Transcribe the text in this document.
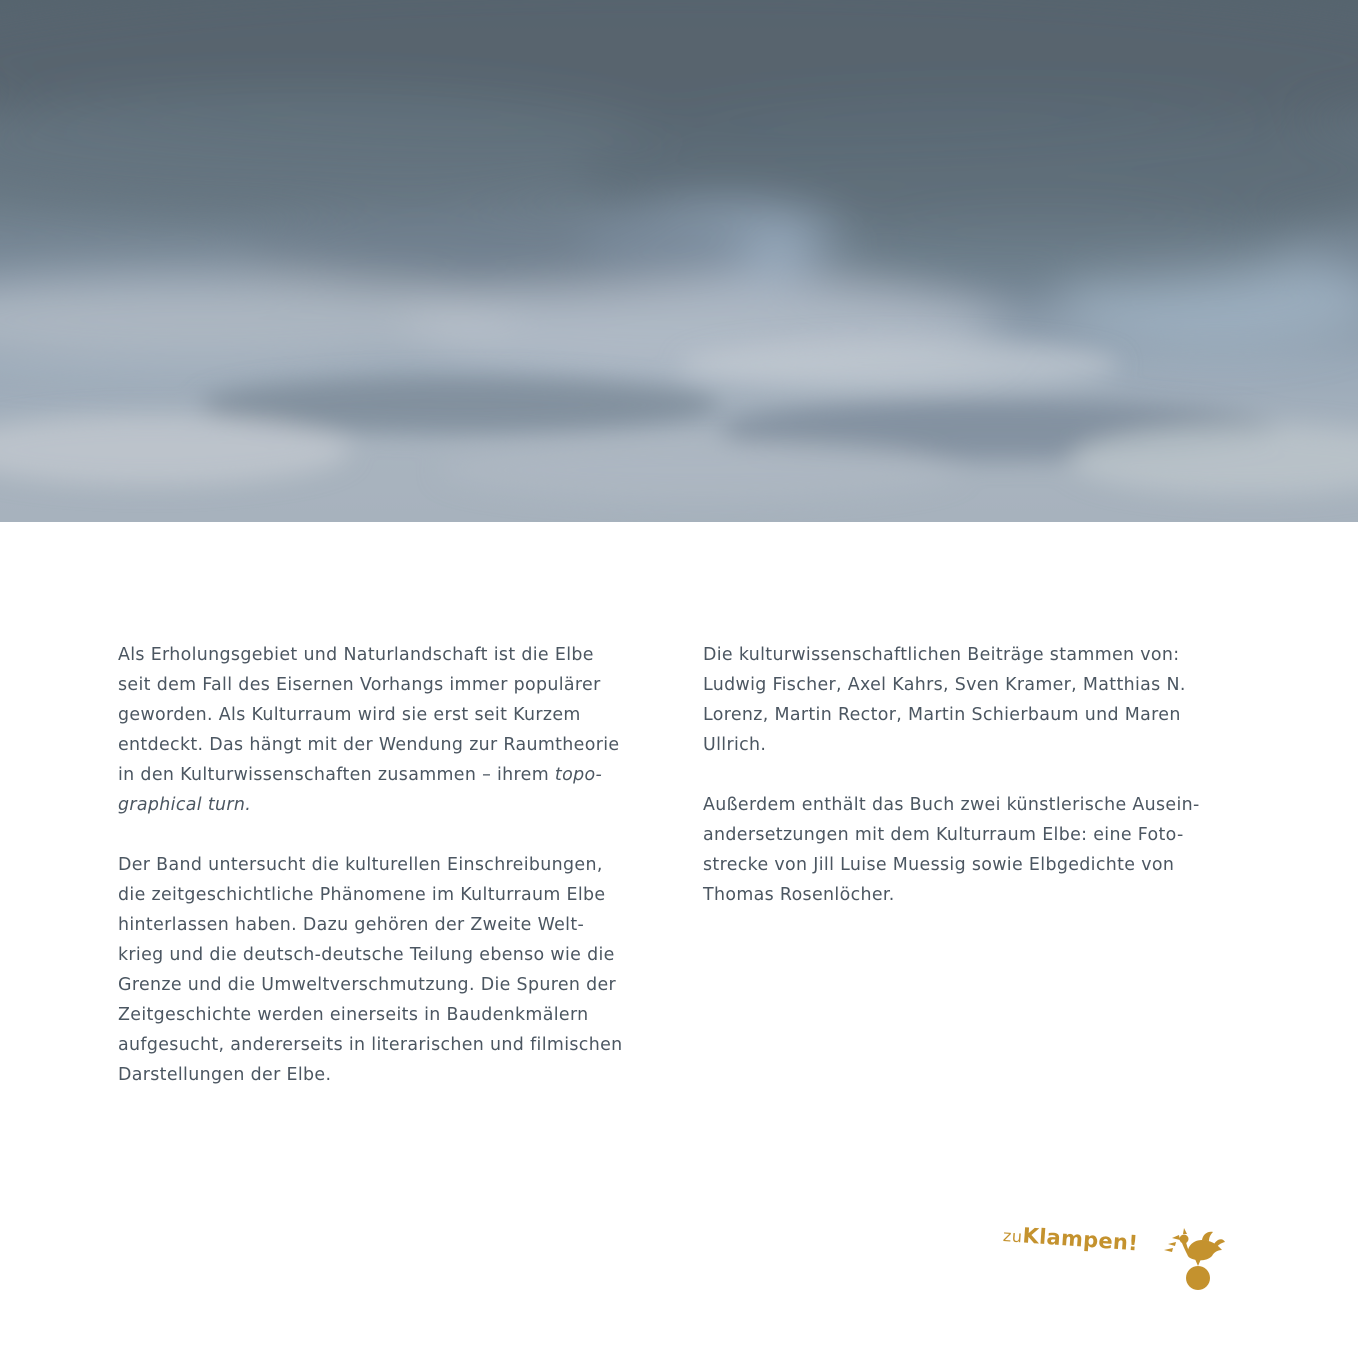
Als Erholungsgebiet und Naturlandschaft ist die Elbe
seit dem Fall des Eisernen Vorhangs immer populärer
geworden. Als Kulturraum wird sie erst seit Kurzem
entdeckt. Das hängt mit der Wendung zur Raumtheorie
in den Kulturwissenschaften zusammen – ihrem topo-
graphical turn.
Der Band untersucht die kulturellen Einschreibungen,
die zeitgeschichtliche Phänomene im Kulturraum Elbe
hinterlassen haben. Dazu gehören der Zweite Welt-
krieg und die deutsch-deutsche Teilung ebenso wie die
Grenze und die Umweltverschmutzung. Die Spuren der
Zeitgeschichte werden einerseits in Baudenkmälern
aufgesucht, andererseits in literarischen und filmischen
Darstellungen der Elbe.
Die kulturwissenschaftlichen Beiträge stammen von:
Ludwig Fischer, Axel Kahrs, Sven Kramer, Matthias N.
Lorenz, Martin Rector, Martin Schierbaum und Maren
Ullrich.
Außerdem enthält das Buch zwei künstlerische Ausein-
andersetzungen mit dem Kulturraum Elbe: eine Foto-
strecke von Jill Luise Muessig sowie Elbgedichte von
Thomas Rosenlöcher.
zuKlampen!
